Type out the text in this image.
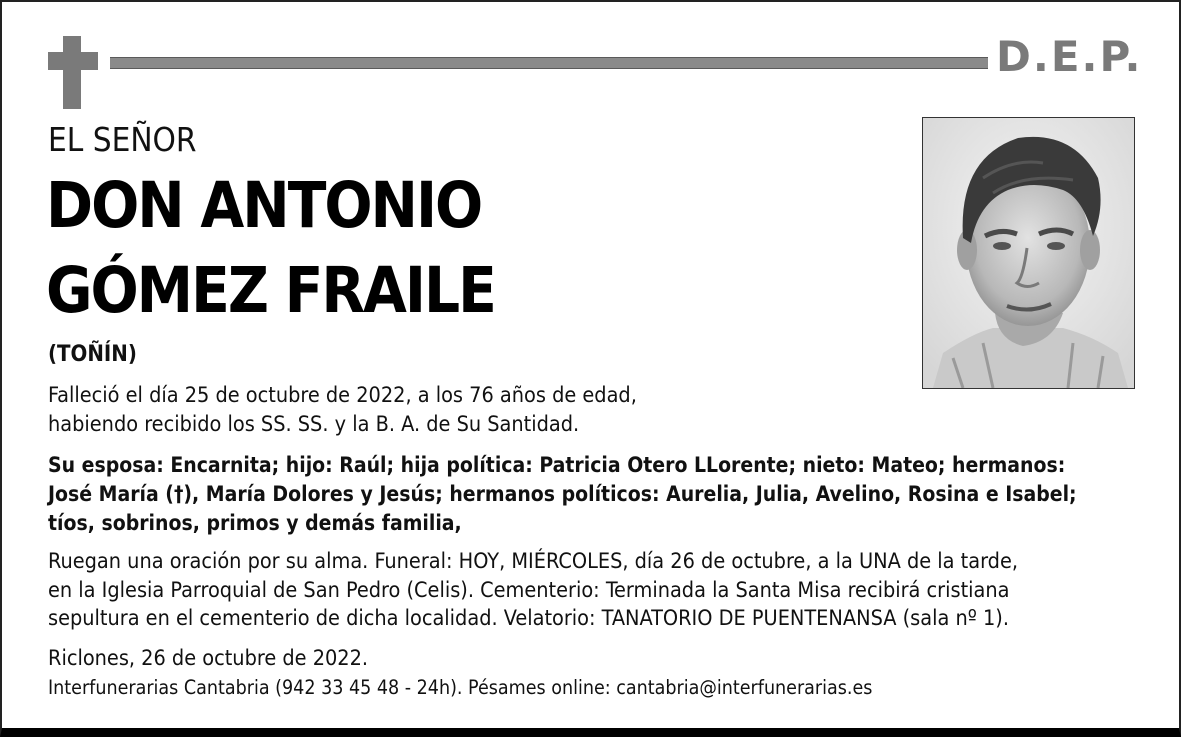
D.E.P.
EL SEÑOR
DON ANTONIO
GÓMEZ FRAILE
(TOÑÍN)
Falleció el día 25 de octubre de 2022, a los 76 años de edad,
habiendo recibido los SS. SS. y la B. A. de Su Santidad.
Su esposa: Encarnita; hijo: Raúl; hija política: Patricia Otero LLorente; nieto: Mateo; hermanos:
José María (†), María Dolores y Jesús; hermanos políticos: Aurelia, Julia, Avelino, Rosina e Isabel;
tíos, sobrinos, primos y demás familia,
Ruegan una oración por su alma. Funeral: HOY, MIÉRCOLES, día 26 de octubre, a la UNA de la tarde,
en la Iglesia Parroquial de San Pedro (Celis). Cementerio: Terminada la Santa Misa recibirá cristiana
sepultura en el cementerio de dicha localidad. Velatorio: TANATORIO DE PUENTENANSA (sala nº 1).
Riclones, 26 de octubre de 2022.
Interfunerarias Cantabria (942 33 45 48 - 24h). Pésames online: cantabria@interfunerarias.es
